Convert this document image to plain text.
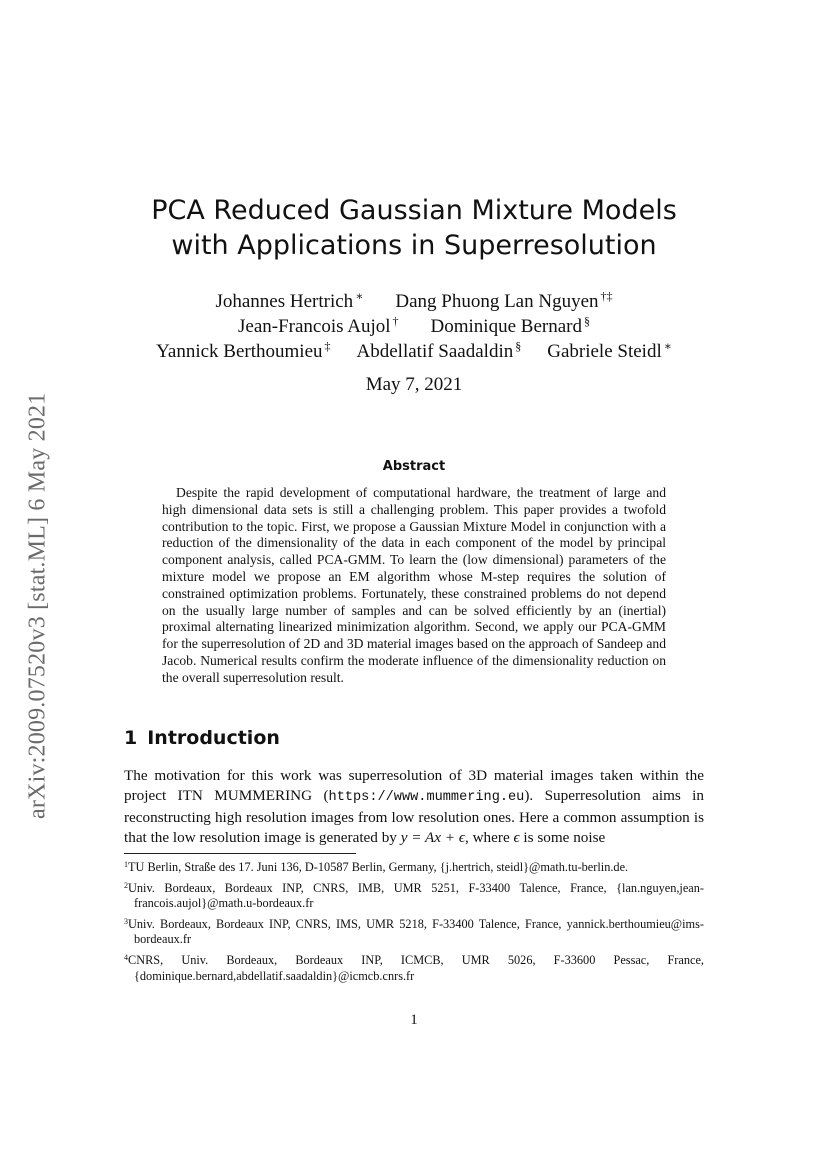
arXiv:2009.07520v3 [stat.ML] 6 May 2021
PCA Reduced Gaussian Mixture Models
with Applications in Superresolution
Johannes Hertrich ∗ Dang Phuong Lan Nguyen †‡
Jean-Francois Aujol † Dominique Bernard §
Yannick Berthoumieu ‡ Abdellatif Saadaldin § Gabriele Steidl ∗
May 7, 2021
Abstract
Despite the rapid development of computational hardware, the treatment of large and high dimensional data sets is still a challenging problem. This paper provides a twofold contribution to the topic. First, we propose a Gaussian Mixture Model in conjunction with a reduction of the dimensionality of the data in each component of the model by principal component analysis, called PCA-GMM. To learn the (low dimensional) parameters of the mixture model we propose an EM algorithm whose M-step requires the solution of constrained optimization problems. Fortunately, these constrained problems do not depend on the usually large number of samples and can be solved efficiently by an (inertial) proximal alternating linearized minimization algorithm. Second, we apply our PCA-GMM for the superresolution of 2D and 3D material images based on the approach of Sandeep and Jacob. Numerical results confirm the moderate influence of the dimensionality reduction on the overall superresolution result.
1 Introduction
The motivation for this work was superresolution of 3D material images taken within the project ITN MUMMERING (https://www.mummering.eu). Superresolution aims in reconstructing high resolution images from low resolution ones. Here a common assumption is that the low resolution image is generated by y = Ax + ϵ, where ϵ is some noise
$^1$TU Berlin, Straße des 17. Juni 136, D-10587 Berlin, Germany, {j.hertrich, steidl}@math.tu-berlin.de.
$^2$Univ. Bordeaux, Bordeaux INP, CNRS, IMB, UMR 5251, F-33400 Talence, France, {lan.nguyen,jean-francois.aujol}@math.u-bordeaux.fr
$^3$Univ. Bordeaux, Bordeaux INP, CNRS, IMS, UMR 5218, F-33400 Talence, France, yannick.berthoumieu@ims-bordeaux.fr
$^4$CNRS, Univ. Bordeaux, Bordeaux INP, ICMCB, UMR 5026, F-33600 Pessac, France, {dominique.bernard,abdellatif.saadaldin}@icmcb.cnrs.fr
1
